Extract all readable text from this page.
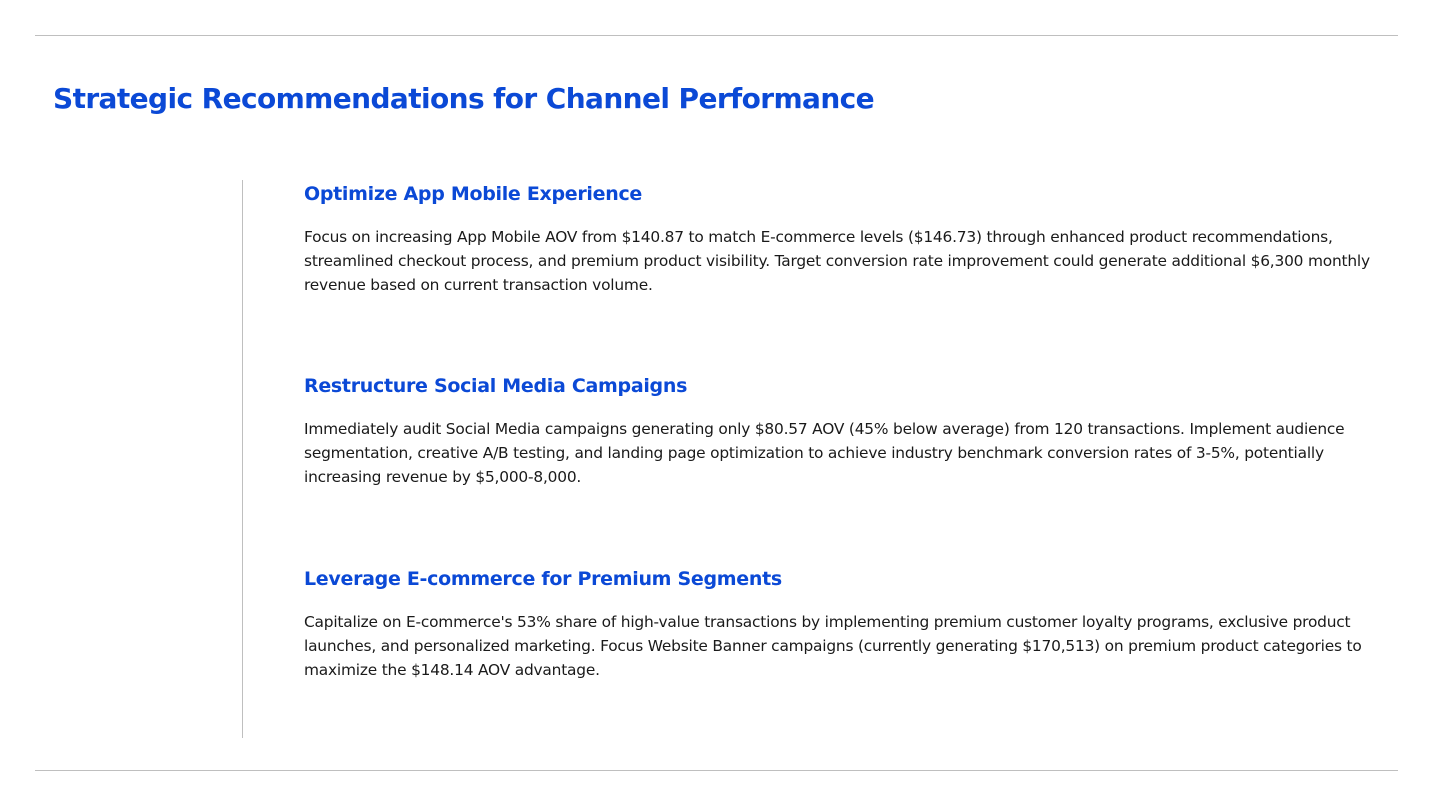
Strategic Recommendations for Channel Performance
Optimize App Mobile Experience

Focus on increasing App Mobile AOV from $140.87 to match E-commerce levels ($146.73) through enhanced product recommendations, streamlined checkout process, and premium product visibility. Target conversion rate improvement could generate additional $6,300 monthly revenue based on current transaction volume.

Restructure Social Media Campaigns

Immediately audit Social Media campaigns generating only $80.57 AOV (45% below average) from 120 transactions. Implement audience segmentation, creative A/B testing, and landing page optimization to achieve industry benchmark conversion rates of 3-5%, potentially increasing revenue by $5,000-8,000.

Leverage E-commerce for Premium Segments

Capitalize on E-commerce's 53% share of high-value transactions by implementing premium customer loyalty programs, exclusive product launches, and personalized marketing. Focus Website Banner campaigns (currently generating $170,513) on premium product categories to maximize the $148.14 AOV advantage.
